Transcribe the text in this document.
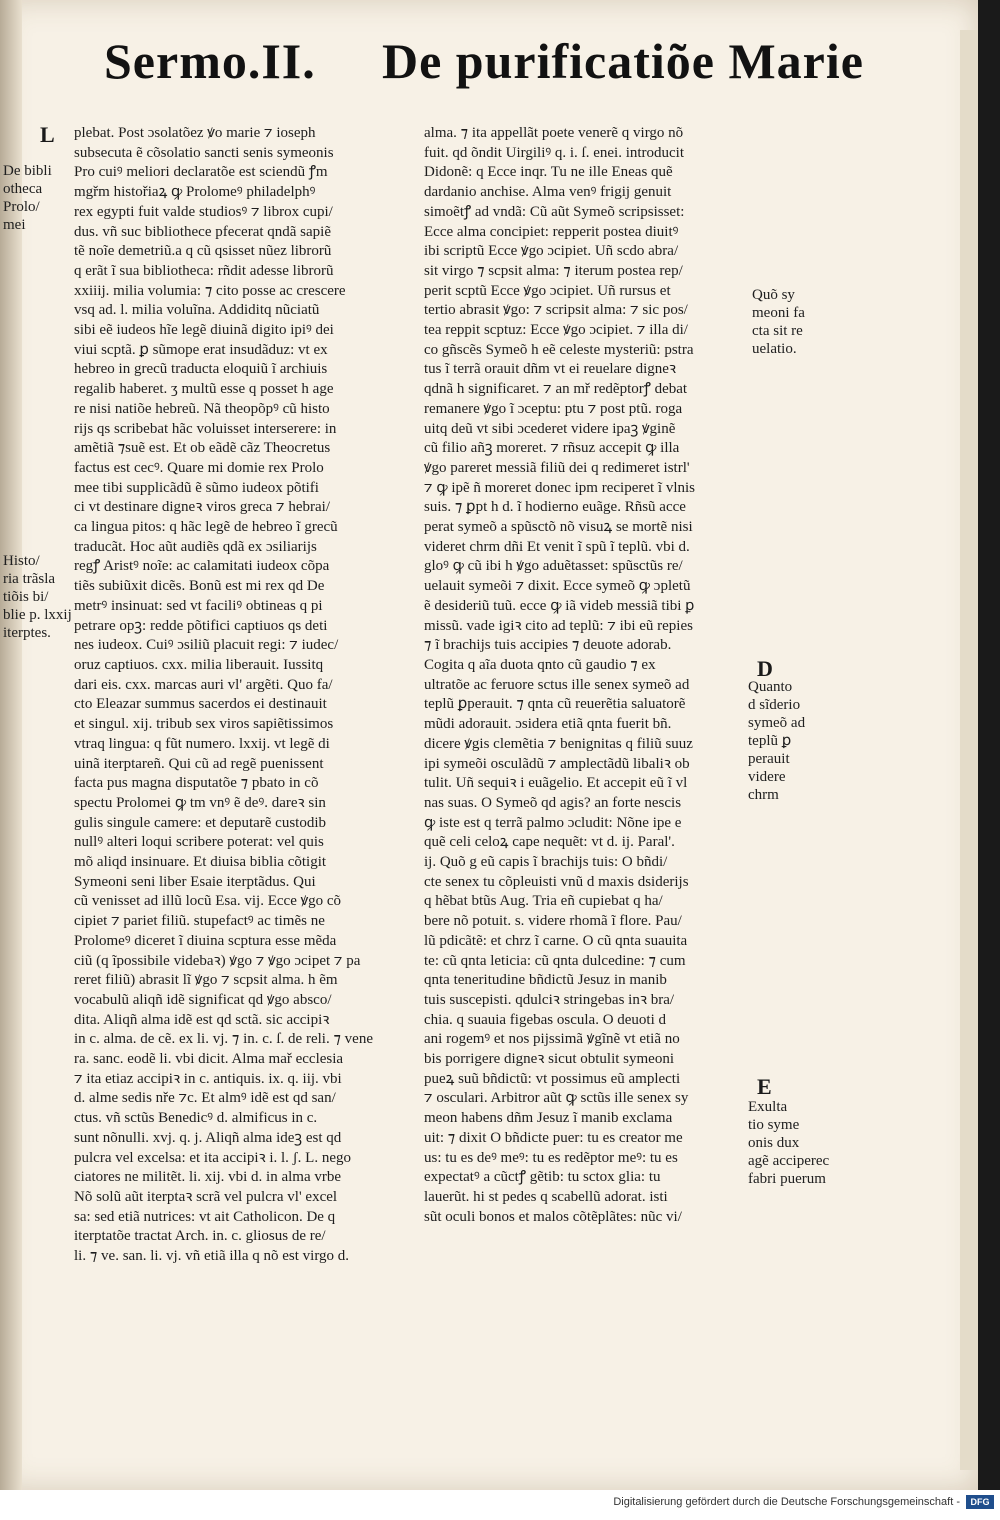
Sermo.II. De purificatiõe Marie
plebat. Post ɔsolatõez ꝟo marie ⁊ ioseph
subsecuta ẽ cõsolatio sancti senis symeonis
Pro cuiꝰ meliori declaratõe est sciendũ ꝭm
mgřm histořiaꝝ ꝙ Prolomeꝰ philadelphꝰ
rex egypti fuit valde studiosꝰ ⁊ librox cupi/
dus. vñ suc bibliothece pfecerat qndã sapiẽ
tẽ noĩe demetriũ.a q cũ qsisset nũez librorũ
q erãt ĩ sua bibliotheca: rñdit adesse librorũ
xxiiij. milia volumia: ⁊ cito posse ac crescere
vsq ad. l. milia voluĩna. Addiditq nũciatũ
sibi eẽ iudeos hĩe legẽ diuinã digito ipiꝰ dei
viui scptã. ꝑ sũmope erat insudãduz: vt ex
hebreo in grecũ traducta eloquiũ ĩ archiuis
regalib haberet. ʒ multũ esse q posset h age
re nisi natiõe hebreũ. Nã theopõpꝰ cũ histo
rijs qs scribebat hãc voluisset interserere: in
amẽtiã ⁊suẽ est. Et ob eãdẽ cãz Theocretus
factus est cecꝰ. Quare mi domie rex Prolo
mee tibi supplicãdũ ẽ sũmo iudeox põtifi
ci vt destinare digneꝛ viros greca ⁊ hebrai/
ca lingua pitos: q hãc legẽ de hebreo ĩ grecũ
traducãt. Hoc aũt audiẽs qdã ex ɔsiliarijs
regꝭ Aristꝰ noĩe: ac calamitati iudeox cõpa
tiẽs subiũxit dicẽs. Bonũ est mi rex qd De
metrꝰ insinuat: sed vt faciliꝰ obtineas q pi
petrare opꝫ: redde põtifici captiuos qs deti
nes iudeox. Cuiꝰ ɔsiliũ placuit regi: ⁊ iudec/
oruz captiuos. cxx. milia liberauit. Iussitq
dari eis. cxx. marcas auri vl' argẽti. Quo fa/
cto Eleazar summus sacerdos ei destinauit
et singul. xij. tribub sex viros sapiẽtissimos
vtraq lingua: q fũt numero. lxxij. vt legẽ di
uinã iterptareñ. Qui cũ ad regẽ puenissent
facta pus magna disputatõe ⁊ pbato in cõ
spectu Prolomei ꝙ tm vnꝰ ẽ deꝰ. dareꝛ sin
gulis singule camere: et deputarẽ custodib
nullꝰ alteri loqui scribere poterat: vel quis
mõ aliqd insinuare. Et diuisa biblia cõtigit
Symeoni seni liber Esaie iterptãdus. Qui
cũ venisset ad illũ locũ Esa. vij. Ecce ꝟgo cõ
cipiet ⁊ pariet filiũ. stupefactꝰ ac timẽs ne
Prolomeꝰ diceret ĩ diuina scptura esse mẽda
ciũ (q ĩpossibile videbaꝛ) ꝟgo ⁊ ꝟgo ɔcipet ⁊ pa
reret filiũ) abrasit lĩ ꝟgo ⁊ scpsit alma. h ẽm
vocabulũ aliqñ idẽ significat qd ꝟgo absco/
dita. Aliqñ alma idẽ est qd sctã. sic accipiꝛ
in c. alma. de cẽ. ex li. vj. ⁊ in. c. ſ. de reli. ⁊ vene
ra. sanc. eodẽ li. vbi dicit. Alma mař ecclesia
⁊ ita etiaz accipiꝛ in c. antiquis. ix. q. iij. vbi
d. alme sedis nře ⁊c. Et almꝰ idẽ est qd san/
ctus. vñ sctũs Benedicꝰ d. almificus in c.
sunt nõnulli. xvj. q. j. Aliqñ alma ideꝫ est qd
pulcra vel excelsa: et ita accipiꝛ i. l. ʃ. L. nego
ciatores ne militẽt. li. xij. vbi d. in alma vrbe
Nõ solũ aũt iterptaꝛ scrã vel pulcra vl' excel
sa: sed etiã nutrices: vt ait Catholicon. De q
iterptatõe tractat Arch. in. c. gliosus de re/
li. ⁊ ve. san. li. vj. vñ etiã illa q nõ est virgo d.
alma. ⁊ ita appellãt poete venerẽ q virgo nõ
fuit. qd õndit Uirgiliꝰ q. i. ſ. enei. introducit
Didonẽ: q Ecce inqr. Tu ne ille Eneas quẽ
dardanio anchise. Alma venꝰ frigij genuit
simoẽtꝭ ad vndã: Cũ aũt Symeõ scripsisset:
Ecce alma concipiet: repperit postea diuitꝰ
ibi scriptũ Ecce ꝟgo ɔcipiet. Uñ scdo abra/
sit virgo ⁊ scpsit alma: ⁊ iterum postea rep/
perit scptũ Ecce ꝟgo ɔcipiet. Uñ rursus et
tertio abrasit ꝟgo: ⁊ scripsit alma: ⁊ sic pos/
tea reppit scptuz: Ecce ꝟgo ɔcipiet. ⁊ illa di/
co gñscẽs Symeõ h eẽ celeste mysteriũ: pstra
tus ĩ terrã orauit dñm vt ei reuelare digneꝛ
qdnã h significaret. ⁊ an mř redẽptorꝭ debat
remanere ꝟgo ĩ ɔceptu: ptu ⁊ post ptũ. roga
uitq deũ vt sibi ɔcederet videre ipaꝫ ꝟginẽ
cũ filio añꝫ moreret. ⁊ rñsuz accepit ꝙ illa
ꝟgo pareret messiã filiũ dei q redimeret istrl'
⁊ ꝙ ipẽ ñ moreret donec ipm reciperet ĩ vlnis
suis. ⁊ ꝑpt h d. ĩ hodierno euãge. Rñsũ acce
perat symeõ a spũsctõ nõ visuꝝ se mortẽ nisi
videret chrm dñi Et venit ĩ spũ ĩ teplũ. vbi d.
gloꝰ ꝙ cũ ibi h ꝟgo aduẽtasset: spũsctũs re/
uelauit symeõi ⁊ dixit. Ecce symeõ ꝙ ɔpletũ
ẽ desideriũ tuũ. ecce ꝙ iã videb messiã tibi ꝑ
missũ. vade igiꝛ cito ad teplũ: ⁊ ibi eũ repies
⁊ ĩ brachijs tuis accipies ⁊ deuote adorab.
Cogita q aĩa duota qnto cũ gaudio ⁊ ex
ultratõe ac feruore sctus ille senex symeõ ad
teplũ ꝑperauit. ⁊ qnta cũ reuerẽtia saluatorẽ
mũdi adorauit. ɔsidera etiã qnta fuerit bñ.
dicere ꝟgis clemẽtia ⁊ benignitas q filiũ suuz
ipi symeõi osculãdũ ⁊ amplectãdũ libaliꝛ ob
tulit. Uñ sequiꝛ i euãgelio. Et accepit eũ ĩ vl
nas suas. O Symeõ qd agis? an forte nescis
ꝙ iste est q terrã palmo ɔcludit: Nõne ipe e
quẽ celi celoꝝ cape nequẽt: vt d. ij. Paral'.
ij. Quõ g eũ capis ĩ brachijs tuis: O bñdi/
cte senex tu cõpleuisti vnũ d maxis dsiderijs
q hẽbat btũs Aug. Tria eñ cupiebat q ha/
bere nõ potuit. s. videre rhomã ĩ flore. Pau/
lũ pdicãtẽ: et chrz ĩ carne. O cũ qnta suauita
te: cũ qnta leticia: cũ qnta dulcedine: ⁊ cum
qnta teneritudine bñdictũ Jesuz in manib
tuis suscepisti. qdulciꝛ stringebas inꝛ bra/
chia. q suauia figebas oscula. O deuoti d
ani rogemꝰ et nos pijssimã ꝟgĩnẽ vt etiã no
bis porrigere digneꝛ sicut obtulit symeoni
pueꝝ suũ bñdictũ: vt possimus eũ amplecti
⁊ osculari. Arbitror aũt ꝙ sctũs ille senex sy
meon habens dñm Jesuz ĩ manib exclama
uit: ⁊ dixit O bñdicte puer: tu es creator me
us: tu es deꝰ meꝰ: tu es redẽptor meꝰ: tu es
expectatꝰ a cũctꝭ gẽtib: tu sctox glia: tu
lauerũt. hi st pedes q scabellũ adorat. isti
sũt oculi bonos et malos cõtẽplãtes: nũc vi/
L
De bibli
otheca
Prolo/
mei
Histo/
ria trãsla
tiõis bi/
blie p. lxxij
iterptes.
Quõ sy
meoni fa
cta sit re
uelatio.
D
Quanto
d sĩderio
symeõ ad
teplũ ꝑ
perauit
videre
chrm
E
Exulta
tio syme
onis dux
agẽ acciperec
fabri puerum
Digitalisierung gefördert durch die Deutsche Forschungsgemeinschaft -	DFG
